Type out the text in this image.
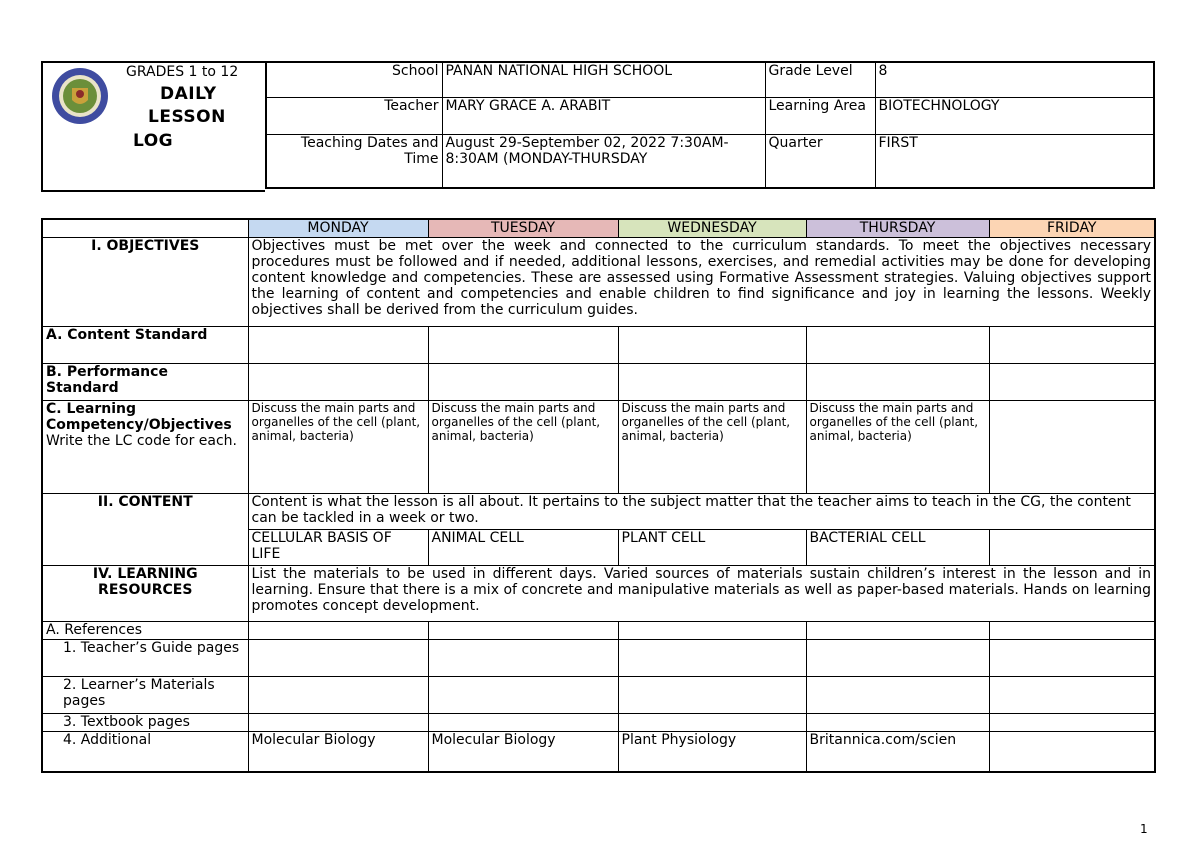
GRADES 1 to 12
DAILY
LESSON
LOG
School	PANAN NATIONAL HIGH SCHOOL	Grade Level	8
Teacher	MARY GRACE A. ARABIT	Learning Area	BIOTECHNOLOGY
Teaching Dates and Time	August 29-September 02, 2022 7:30AM-8:30AM (MONDAY-THURSDAY	Quarter	FIRST
	MONDAY	TUESDAY	WEDNESDAY	THURSDAY	FRIDAY
I. OBJECTIVES	Objectives must be met over the week and connected to the curriculum standards. To meet the objectives necessary procedures must be followed and if needed, additional lessons, exercises, and remedial activities may be done for developing content knowledge and competencies. These are assessed using Formative Assessment strategies. Valuing objectives support the learning of content and competencies and enable children to find significance and joy in learning the lessons. Weekly objectives shall be derived from the curriculum guides.				
A. Content Standard					
B. Performance Standard					

C. Learning Competency/Objectives
Write the LC code for each.	Discuss the main parts and organelles of the cell (plant, animal, bacteria)	Discuss the main parts and organelles of the cell (plant, animal, bacteria)	Discuss the main parts and organelles of the cell (plant, animal, bacteria)	Discuss the main parts and organelles of the cell (plant, animal, bacteria)	
II. CONTENT	Content is what the lesson is all about. It pertains to the subject matter that the teacher aims to teach in the CG, the content can be tackled in a week or two.				
	CELLULAR BASIS OF LIFE	ANIMAL CELL	PLANT CELL	BACTERIAL CELL	
IV. LEARNING RESOURCES	List the materials to be used in different days. Varied sources of materials sustain children’s interest in the lesson and in learning. Ensure that there is a mix of concrete and manipulative materials as well as paper-based materials. Hands on learning promotes concept development.				
A. References					
1. Teacher’s Guide pages					
2. Learner’s Materials pages					
3. Textbook pages					
4. Additional	Molecular Biology	Molecular Biology	Plant Physiology	Britannica.com/scien	
1
